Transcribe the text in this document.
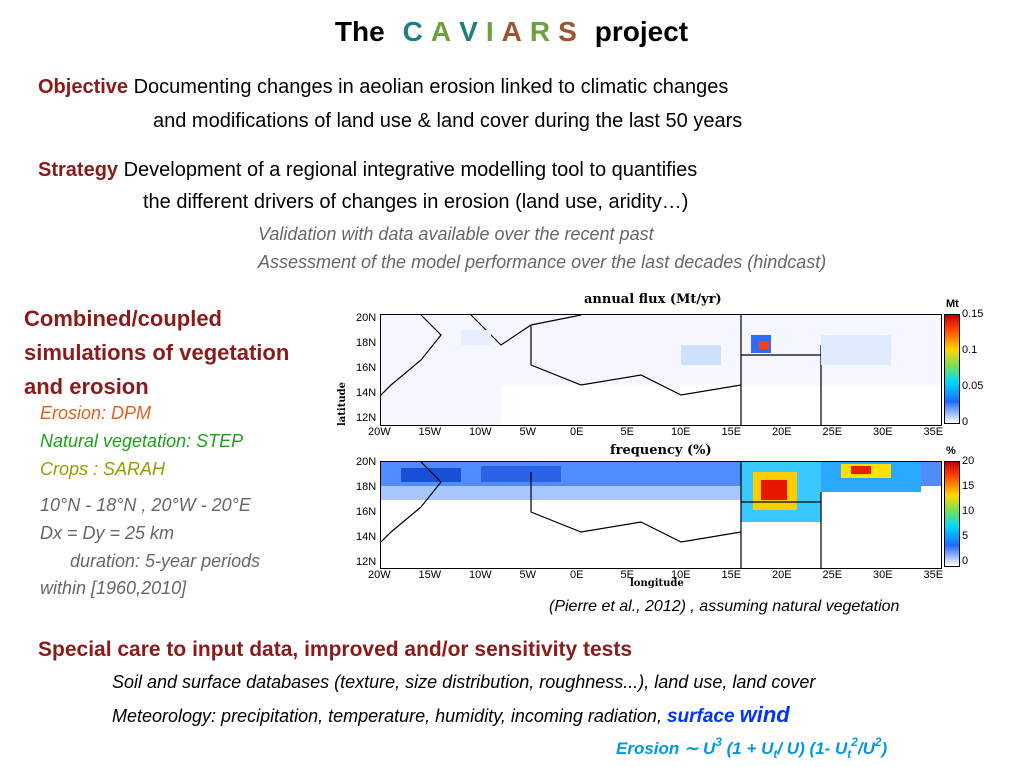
The C A V I A R S project
Objective Documenting changes in aeolian erosion linked to climatic changes
and modifications of land use & land cover during the last 50 years
Strategy Development of a regional integrative modelling tool to quantifies
the different drivers of changes in erosion (land use, aridity…)
Validation with data available over the recent past
Assessment of the model performance over the last decades (hindcast)
Combined/coupled
simulations of vegetation
and erosion
Erosion: DPM
Natural vegetation: STEP
Crops : SARAH
10°N - 18°N , 20°W - 20°E
Dx = Dy = 25 km
duration: 5-year periods
within [1960,2010]
annual flux (Mt/yr)	Mt
0.15
0.1
0.05
0
20N
18N
16N
14N
12N
20W	15W	10W	5W	0E	5E	10E	15E	20E	25E	30E	35E
latitude
frequency (%)	%
20
15
10
5
0
20N
18N
16N
14N
12N
20W	15W	10W	5W	0E	5E	10E	15E	20E	25E	30E	35E
longitude
(Pierre et al., 2012) , assuming natural vegetation
Special care to input data, improved and/or sensitivity tests
Soil and surface databases (texture, size distribution, roughness...), land use, land cover
Meteorology: precipitation, temperature, humidity, incoming radiation, surface wind
Erosion ∼ $U^3$ ($1 + U_t/$ U) (1- $U_t^2/U^2$)
